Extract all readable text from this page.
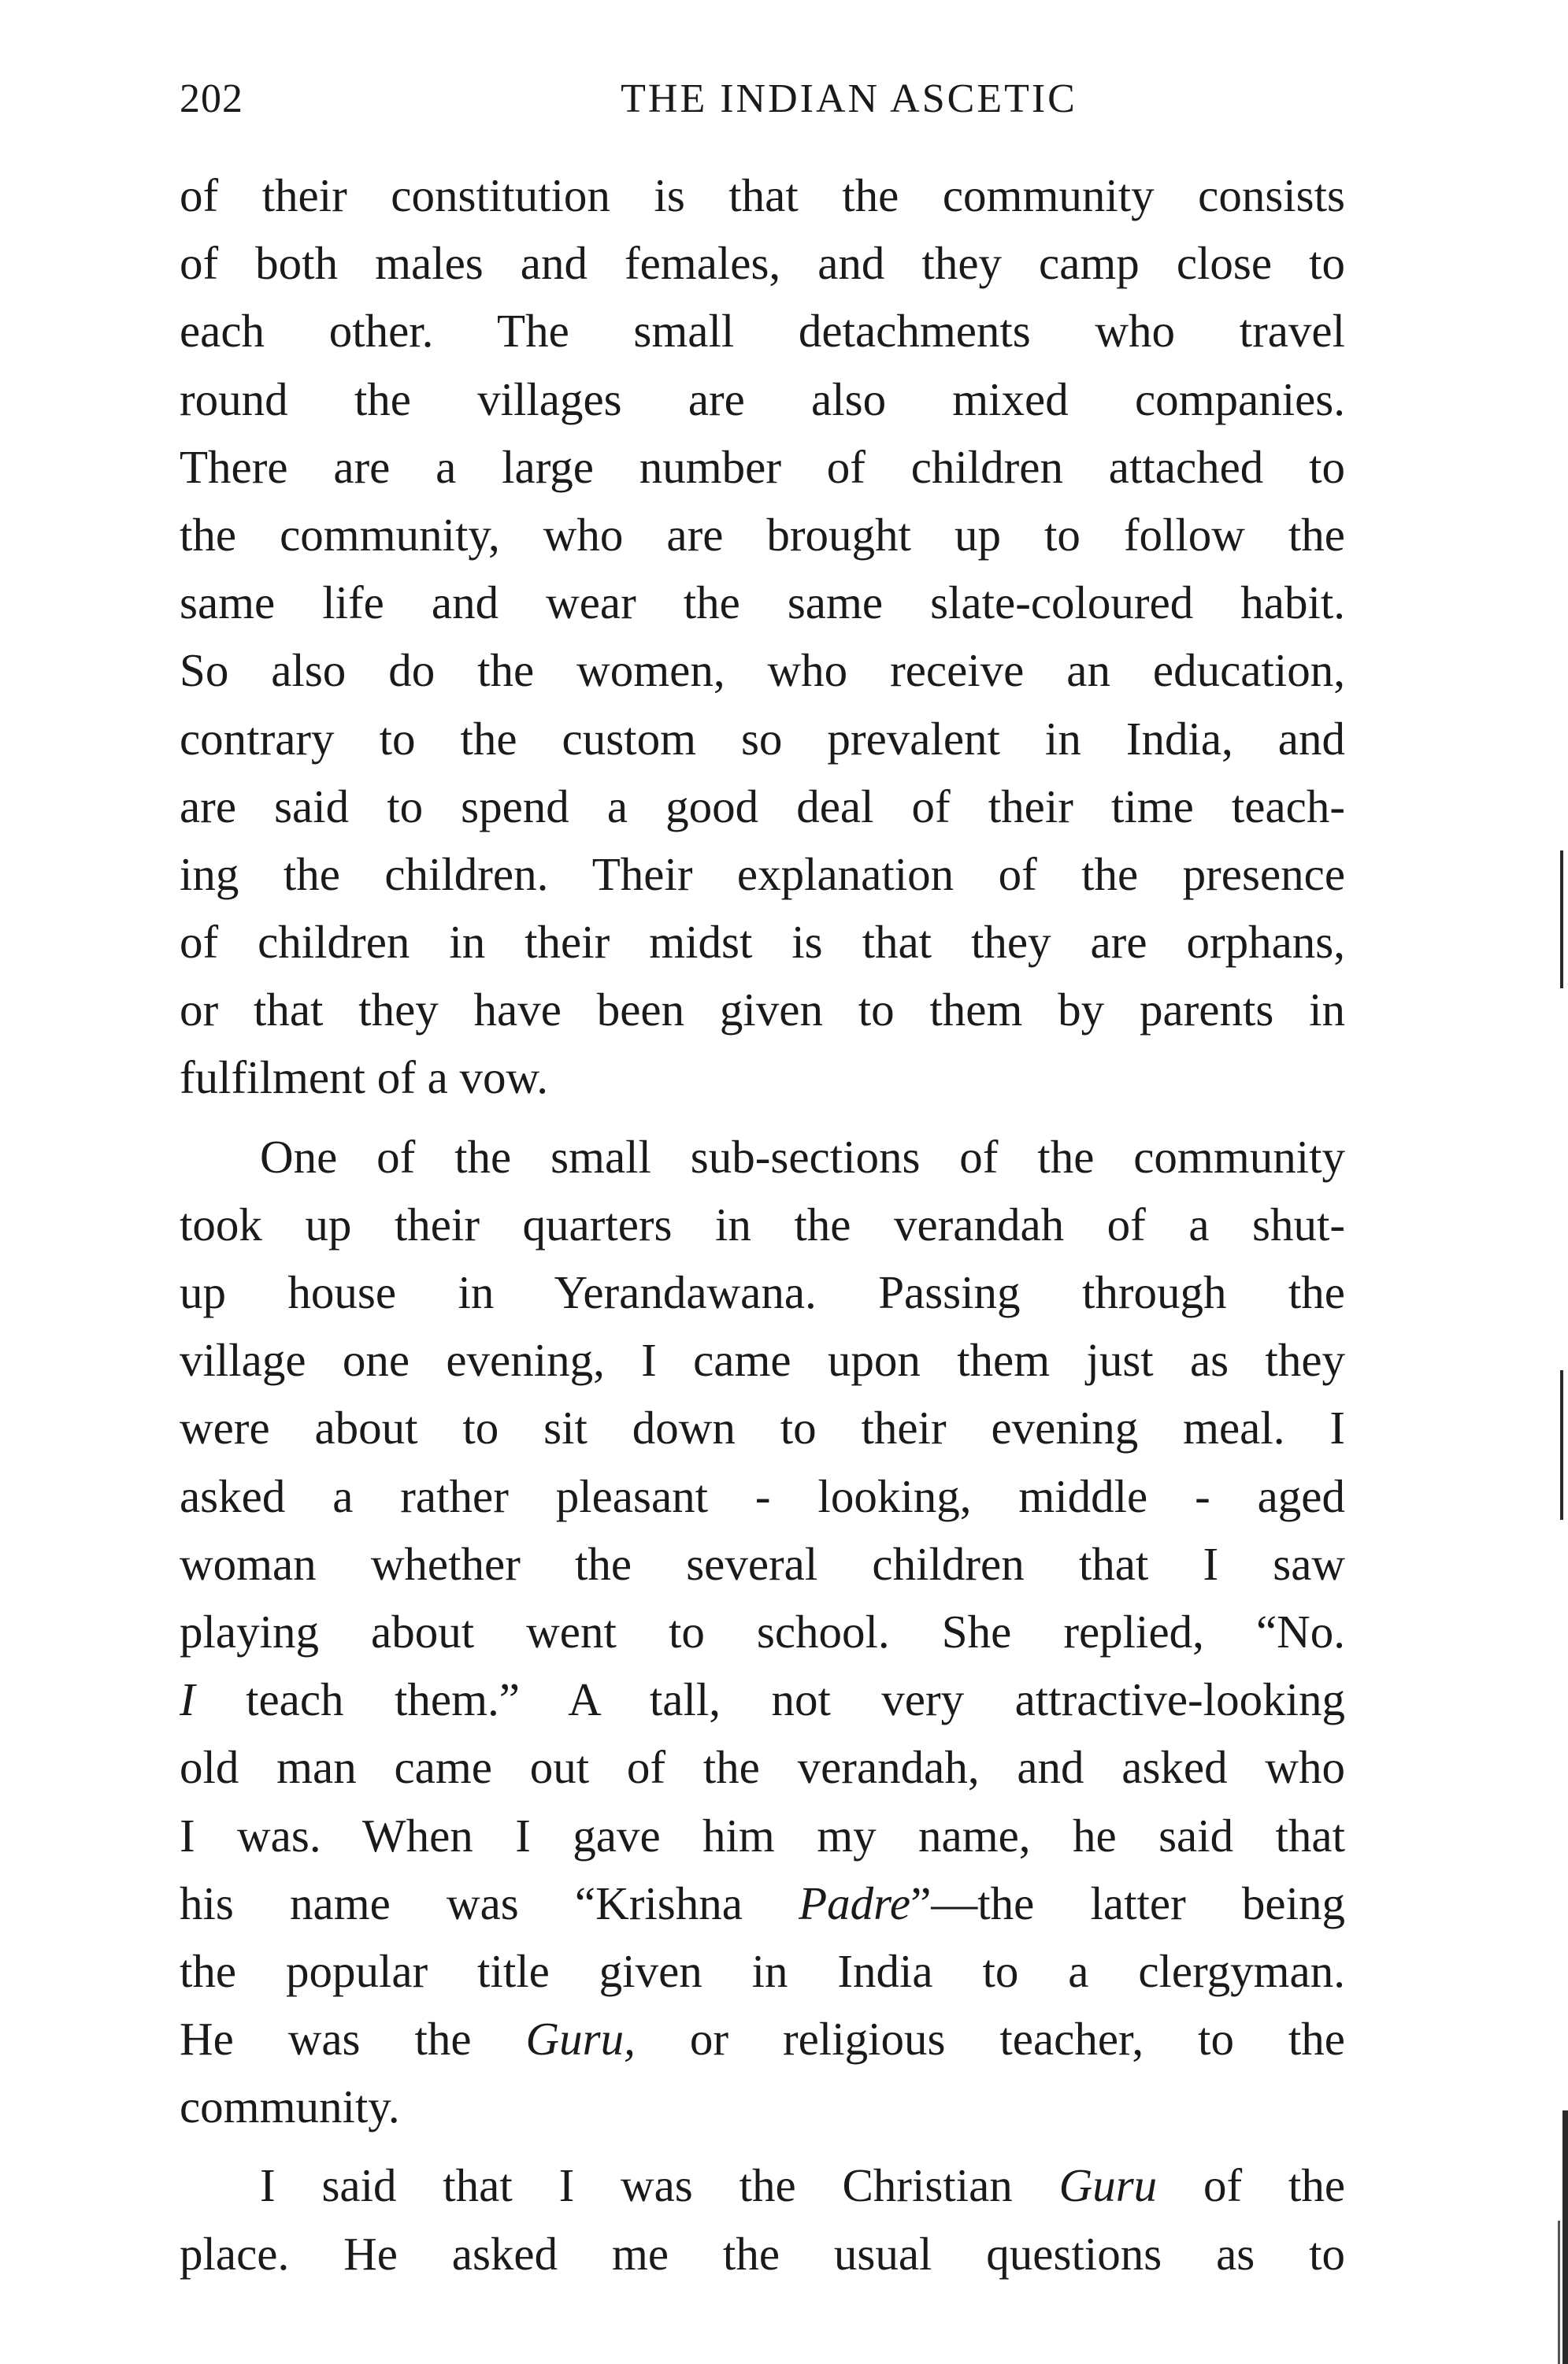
202	THE INDIAN ASCETIC
of their constitution is that the community consists
of both males and females, and they camp close to
each other. The small detachments who travel
round the villages are also mixed companies.
There are a large number of children attached to
the community, who are brought up to follow the
same life and wear the same slate-coloured habit.
So also do the women, who receive an education,
contrary to the custom so prevalent in India, and
are said to spend a good deal of their time teach-
ing the children. Their explanation of the presence
of children in their midst is that they are orphans,
or that they have been given to them by parents in
fulfilment of a vow.
One of the small sub-sections of the community
took up their quarters in the verandah of a shut-
up house in Yerandawana. Passing through the
village one evening, I came upon them just as they
were about to sit down to their evening meal. I
asked a rather pleasant - looking, middle - aged
woman whether the several children that I saw
playing about went to school. She replied, “No.
I teach them.” A tall, not very attractive-looking
old man came out of the verandah, and asked who
I was. When I gave him my name, he said that
his name was “Krishna Padre”—the latter being
the popular title given in India to a clergyman.
He was the Guru, or religious teacher, to the
community.
I said that I was the Christian Guru of the
place. He asked me the usual questions as to
